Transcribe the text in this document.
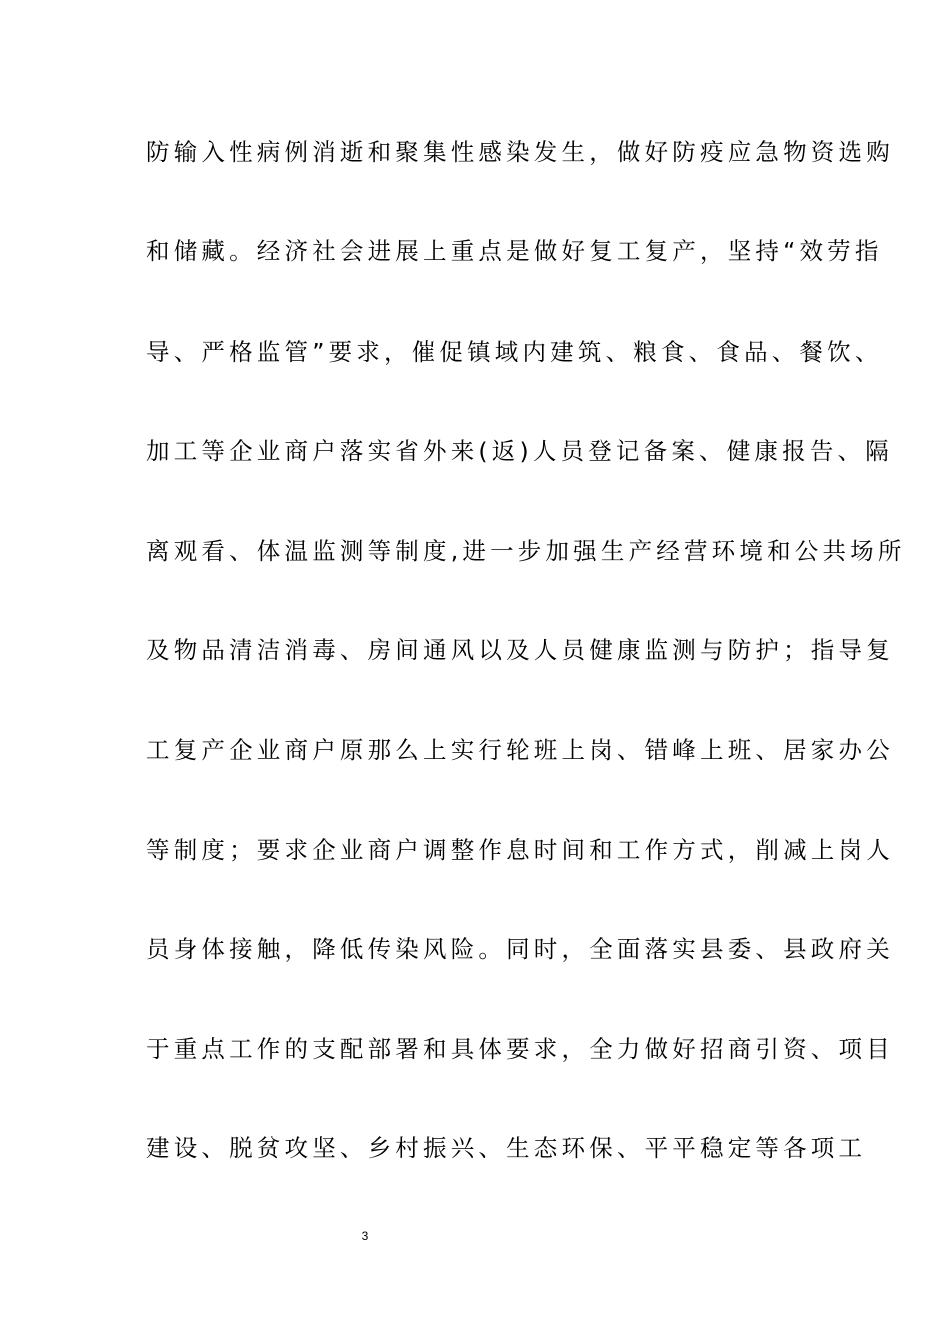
防输入性病例消逝和聚集性感染发生，做好防疫应急物资选购
和储藏。经济社会进展上重点是做好复工复产，坚持“效劳指
导、严格监管”要求，催促镇域内建筑、粮食、食品、餐饮、
加工等企业商户落实省外来(返)人员登记备案、健康报告、隔
离观看、体温监测等制度,进一步加强生产经营环境和公共场所
及物品清洁消毒、房间通风以及人员健康监测与防护；指导复
工复产企业商户原那么上实行轮班上岗、错峰上班、居家办公
等制度；要求企业商户调整作息时间和工作方式，削减上岗人
员身体接触，降低传染风险。同时，全面落实县委、县政府关
于重点工作的支配部署和具体要求，全力做好招商引资、项目
建设、脱贫攻坚、乡村振兴、生态环保、平平稳定等各项工
3
